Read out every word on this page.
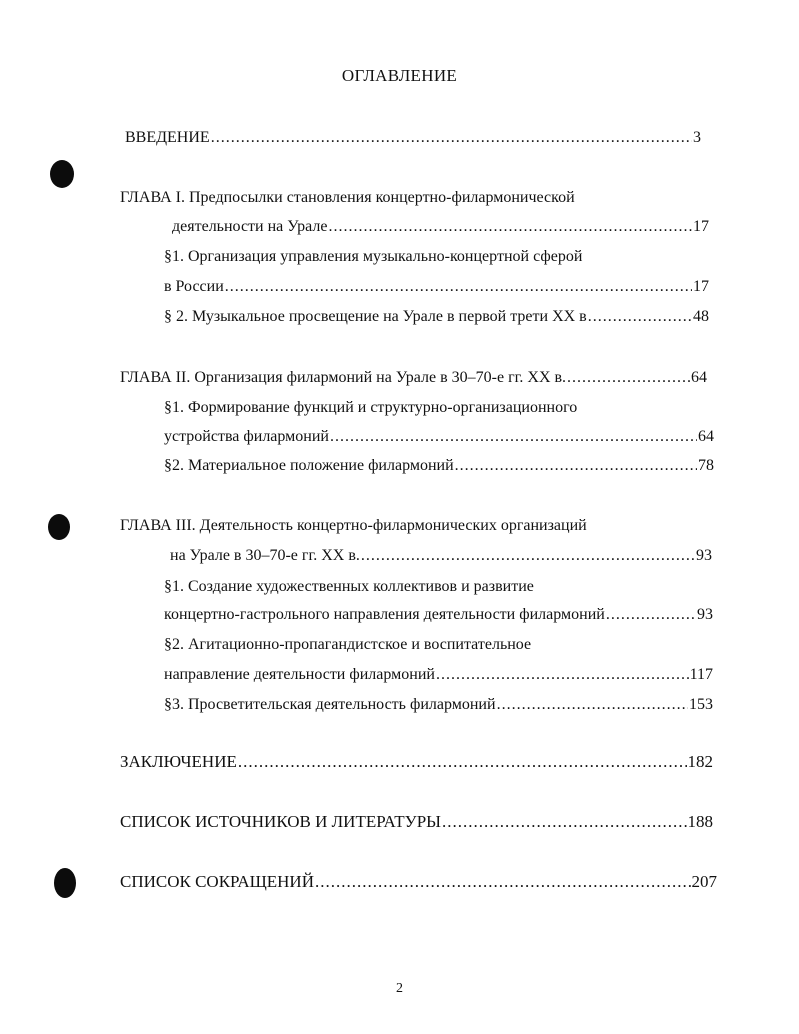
ОГЛАВЛЕНИЕ
ВВЕДЕНИЕ .....	3
ГЛАВА I. Предпосылки становления концертно-филармонической
деятельности на Урале .....	17
§1. Организация управления музыкально-концертной сферой
в России .....	17
§ 2. Музыкальное просвещение на Урале в первой трети XX в .....	48
ГЛАВА II. Организация филармоний на Урале в 30–70-е гг. XX в. .....	64
§1. Формирование функций и структурно-организационного
устройства филармоний .....	64
§2. Материальное положение филармоний .....	78
ГЛАВА III. Деятельность концертно-филармонических организаций
на Урале в 30–70-е гг. XX в. .....	93
§1. Создание художественных коллективов и развитие
концертно-гастрольного направления деятельности филармоний .....	93
§2. Агитационно-пропагандистское и воспитательное
направление деятельности филармоний .....	117
§3. Просветительская деятельность филармоний .....	153
ЗАКЛЮЧЕНИЕ .....	182
СПИСОК ИСТОЧНИКОВ И ЛИТЕРАТУРЫ .....	188
СПИСОК СОКРАЩЕНИЙ .....	207
2
